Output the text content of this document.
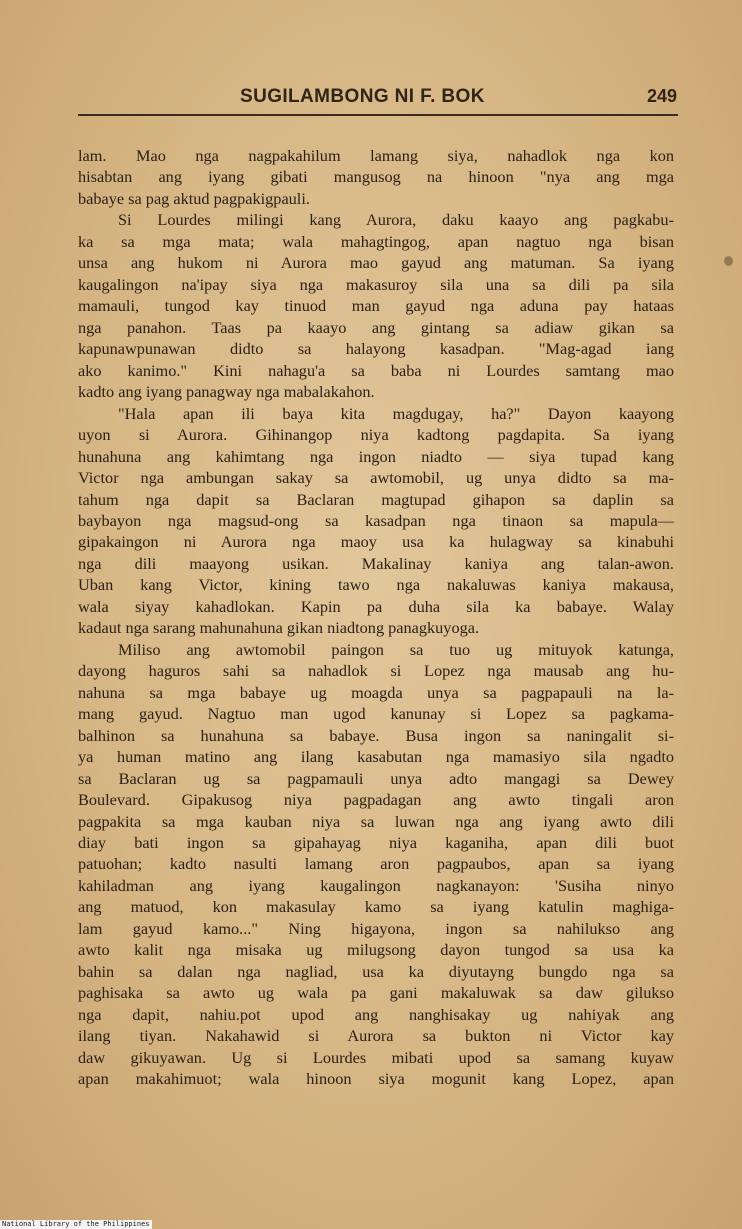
SUGILAMBONG NI F. BOK	249
lam. Mao nga nagpakahilum lamang siya, nahadlok nga kon
hisabtan ang iyang gibati mangusog na hinoon "nya ang mga
babaye sa pag aktud pagpakigpauli.
Si Lourdes milingi kang Aurora, daku kaayo ang pagkabu-
ka sa mga mata; wala mahagtingog, apan nagtuo nga bisan
unsa ang hukom ni Aurora mao gayud ang matuman. Sa iyang
kaugalingon na'ipay siya nga makasuroy sila una sa dili pa sila
mamauli, tungod kay tinuod man gayud nga aduna pay hataas
nga panahon. Taas pa kaayo ang gintang sa adiaw gikan sa
kapunawpunawan didto sa halayong kasadpan. "Mag-agad iang
ako kanimo." Kini nahagu'a sa baba ni Lourdes samtang mao
kadto ang iyang panagway nga mabalakahon.
"Hala apan ili baya kita magdugay, ha?" Dayon kaayong
uyon si Aurora. Gihinangop niya kadtong pagdapita. Sa iyang
hunahuna ang kahimtang nga ingon niadto — siya tupad kang
Victor nga ambungan sakay sa awtomobil, ug unya didto sa ma-
tahum nga dapit sa Baclaran magtupad gihapon sa daplin sa
baybayon nga magsud-ong sa kasadpan nga tinaon sa mapula—
gipakaingon ni Aurora nga maoy usa ka hulagway sa kinabuhi
nga dili maayong usikan. Makalinay kaniya ang talan-awon.
Uban kang Victor, kining tawo nga nakaluwas kaniya makausa,
wala siyay kahadlokan. Kapin pa duha sila ka babaye. Walay
kadaut nga sarang mahunahuna gikan niadtong panagkuyoga.
Miliso ang awtomobil paingon sa tuo ug mituyok katunga,
dayong haguros sahi sa nahadlok si Lopez nga mausab ang hu-
nahuna sa mga babaye ug moagda unya sa pagpapauli na la-
mang gayud. Nagtuo man ugod kanunay si Lopez sa pagkama-
balhinon sa hunahuna sa babaye. Busa ingon sa naningalit si-
ya human matino ang ilang kasabutan nga mamasiyo sila ngadto
sa Baclaran ug sa pagpamauli unya adto mangagi sa Dewey
Boulevard. Gipakusog niya pagpadagan ang awto tingali aron
pagpakita sa mga kauban niya sa luwan nga ang iyang awto dili
diay bati ingon sa gipahayag niya kaganiha, apan dili buot
patuohan; kadto nasulti lamang aron pagpaubos, apan sa iyang
kahiladman ang iyang kaugalingon nagkanayon: 'Susiha ninyo
ang matuod, kon makasulay kamo sa iyang katulin maghiga-
lam gayud kamo..." Ning higayona, ingon sa nahilukso ang
awto kalit nga misaka ug milugsong dayon tungod sa usa ka
bahin sa dalan nga nagliad, usa ka diyutayng bungdo nga sa
paghisaka sa awto ug wala pa gani makaluwak sa daw gilukso
nga dapit, nahiu.pot upod ang nanghisakay ug nahiyak ang
ilang tiyan. Nakahawid si Aurora sa bukton ni Victor kay
daw gikuyawan. Ug si Lourdes mibati upod sa samang kuyaw
apan makahimuot; wala hinoon siya mogunit kang Lopez, apan
National Library of the Philippines
